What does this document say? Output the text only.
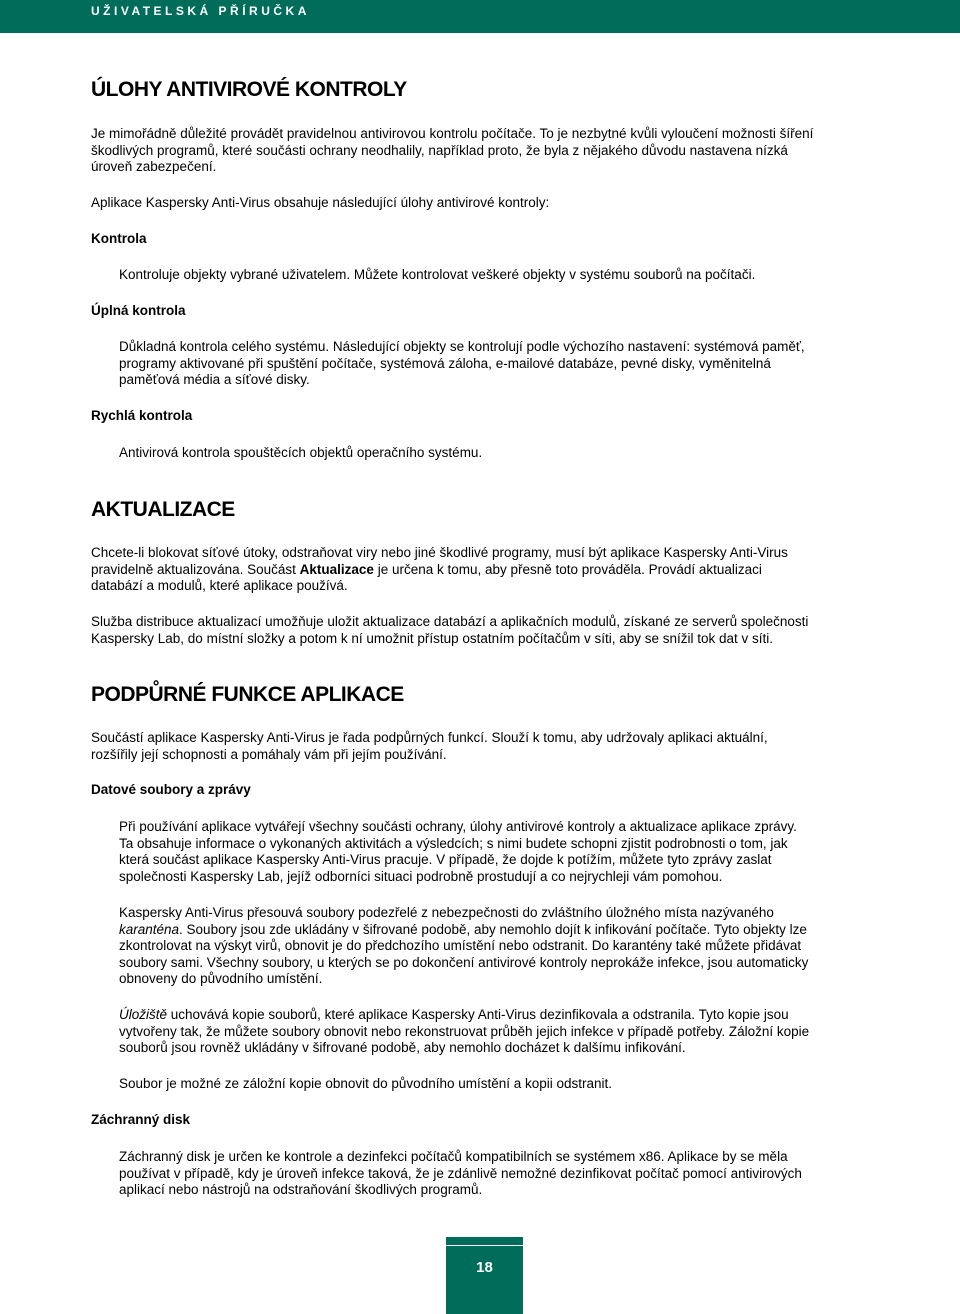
UŽIVATELSKÁ PŘÍRUČKA
ÚLOHY ANTIVIROVÉ KONTROLY
Je mimořádně důležité provádět pravidelnou antivirovou kontrolu počítače. To je nezbytné kvůli vyloučení možnosti šíření
škodlivých programů, které součásti ochrany neodhalily, například proto, že byla z nějakého důvodu nastavena nízká
úroveň zabezpečení.
Aplikace Kaspersky Anti-Virus obsahuje následující úlohy antivirové kontroly:
Kontrola
Kontroluje objekty vybrané uživatelem. Můžete kontrolovat veškeré objekty v systému souborů na počítači.
Úplná kontrola
Důkladná kontrola celého systému. Následující objekty se kontrolují podle výchozího nastavení: systémová paměť,
programy aktivované při spuštění počítače, systémová záloha, e-mailové databáze, pevné disky, vyměnitelná
paměťová média a síťové disky.
Rychlá kontrola
Antivirová kontrola spouštěcích objektů operačního systému.
AKTUALIZACE
Chcete-li blokovat síťové útoky, odstraňovat viry nebo jiné škodlivé programy, musí být aplikace Kaspersky Anti-Virus
pravidelně aktualizována. Součást Aktualizace je určena k tomu, aby přesně toto prováděla. Provádí aktualizaci
databází a modulů, které aplikace používá.
Služba distribuce aktualizací umožňuje uložit aktualizace databází a aplikačních modulů, získané ze serverů společnosti
Kaspersky Lab, do místní složky a potom k ní umožnit přístup ostatním počítačům v síti, aby se snížil tok dat v síti.
PODPŮRNÉ FUNKCE APLIKACE
Součástí aplikace Kaspersky Anti-Virus je řada podpůrných funkcí. Slouží k tomu, aby udržovaly aplikaci aktuální,
rozšířily její schopnosti a pomáhaly vám při jejím používání.
Datové soubory a zprávy
Při používání aplikace vytvářejí všechny součásti ochrany, úlohy antivirové kontroly a aktualizace aplikace zprávy.
Ta obsahuje informace o vykonaných aktivitách a výsledcích; s nimi budete schopni zjistit podrobnosti o tom, jak
která součást aplikace Kaspersky Anti-Virus pracuje. V případě, že dojde k potížím, můžete tyto zprávy zaslat
společnosti Kaspersky Lab, jejíž odborníci situaci podrobně prostudují a co nejrychleji vám pomohou.
Kaspersky Anti-Virus přesouvá soubory podezřelé z nebezpečnosti do zvláštního úložného místa nazývaného
karanténa. Soubory jsou zde ukládány v šifrované podobě, aby nemohlo dojít k infikování počítače. Tyto objekty lze
zkontrolovat na výskyt virů, obnovit je do předchozího umístění nebo odstranit. Do karantény také můžete přidávat
soubory sami. Všechny soubory, u kterých se po dokončení antivirové kontroly neprokáže infekce, jsou automaticky
obnoveny do původního umístění.
Úložiště uchovává kopie souborů, které aplikace Kaspersky Anti-Virus dezinfikovala a odstranila. Tyto kopie jsou
vytvořeny tak, že můžete soubory obnovit nebo rekonstruovat průběh jejich infekce v případě potřeby. Záložní kopie
souborů jsou rovněž ukládány v šifrované podobě, aby nemohlo docházet k dalšímu infikování.
Soubor je možné ze záložní kopie obnovit do původního umístění a kopii odstranit.
Záchranný disk
Záchranný disk je určen ke kontrole a dezinfekci počítačů kompatibilních se systémem x86. Aplikace by se měla
používat v případě, kdy je úroveň infekce taková, že je zdánlivě nemožné dezinfikovat počítač pomocí antivirových
aplikací nebo nástrojů na odstraňování škodlivých programů.
18
